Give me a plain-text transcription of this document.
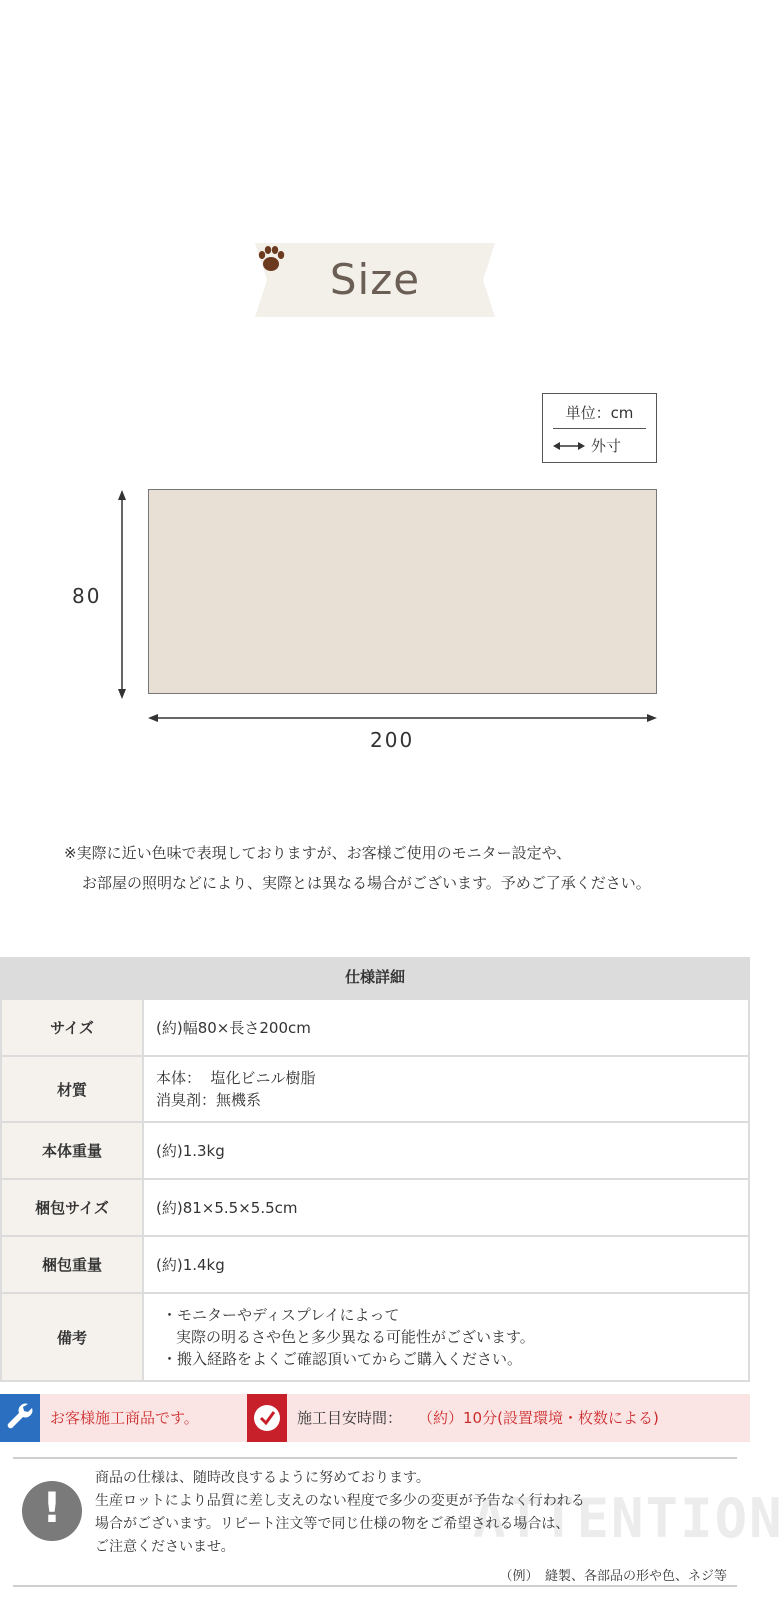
Size
単位：cm
外寸
80
200
※実際に近い色味で表現しておりますが、お客様ご使用のモニター設定や、
お部屋の照明などにより、実際とは異なる場合がございます。予めご了承ください。
仕様詳細
サイズ	(約)幅80×長さ200cm

材質	本体：  塩化ビニル樹脂
消臭剤：無機系

本体重量	(約)1.3kg

梱包サイズ	(約)81×5.5×5.5cm

梱包重量	(約)1.4kg

備考	・モニターやディスプレイによって
実際の明るさや色と多少異なる可能性がございます。
・搬入経路をよくご確認頂いてからご購入ください。
お客様施工商品です。	施工目安時間： （約）10分(設置環境・枚数による)
ATTENTION
!
商品の仕様は、随時改良するように努めております。
生産ロットにより品質に差し支えのない程度で多少の変更が予告なく行われる
場合がございます。リピート注文等で同じ仕様の物をご希望される場合は、
ご注意くださいませ。
（例）　縫製、各部品の形や色、ネジ等
